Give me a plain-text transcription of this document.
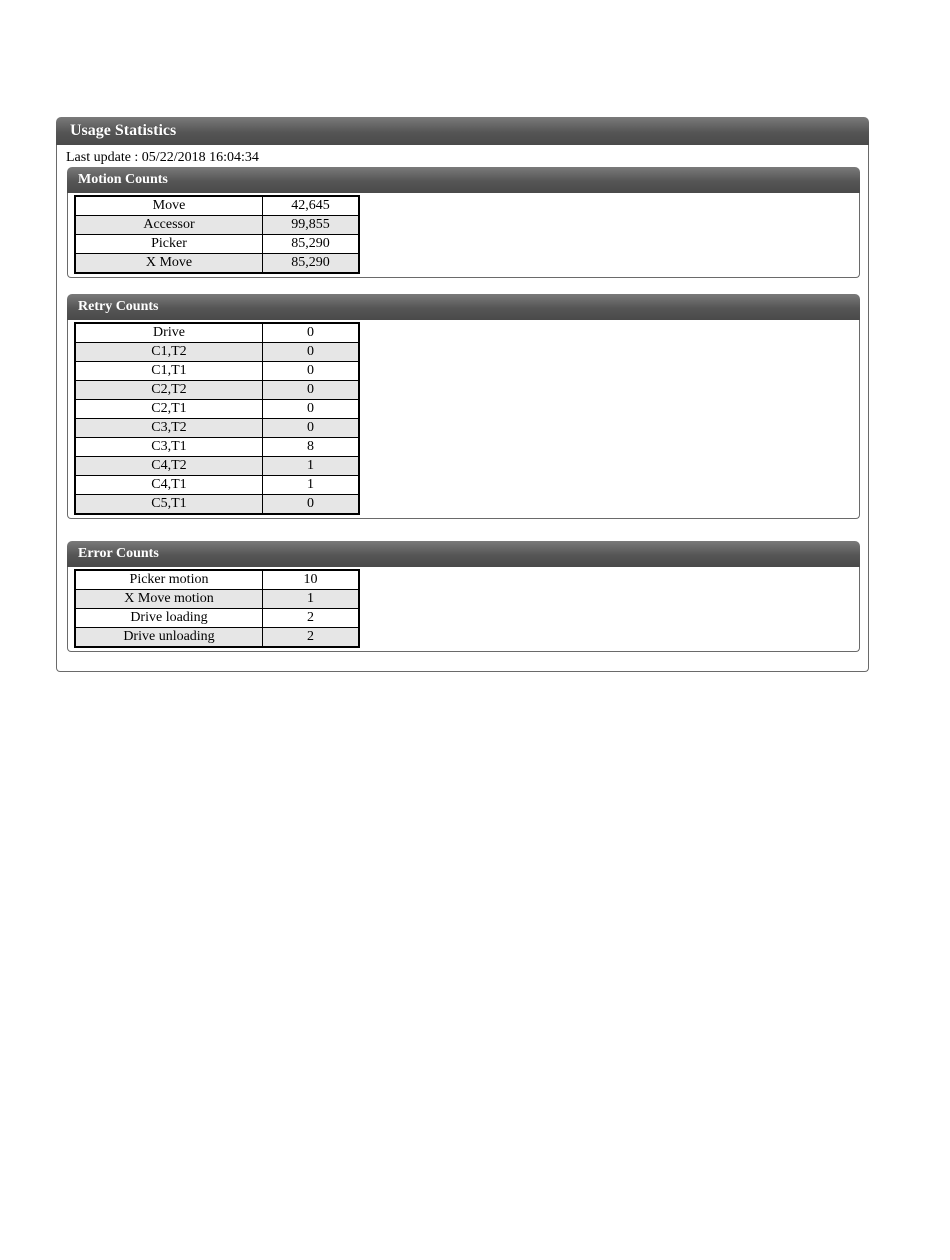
Usage Statistics
Last update : 05/22/2018 16:04:34
Motion Counts
Move	42,645
Accessor	99,855
Picker	85,290
X Move	85,290
Retry Counts
Drive	0
C1,T2	0
C1,T1	0
C2,T2	0
C2,T1	0
C3,T2	0
C3,T1	8
C4,T2	1
C4,T1	1
C5,T1	0
Error Counts
Picker motion	10
X Move motion	1
Drive loading	2
Drive unloading	2
